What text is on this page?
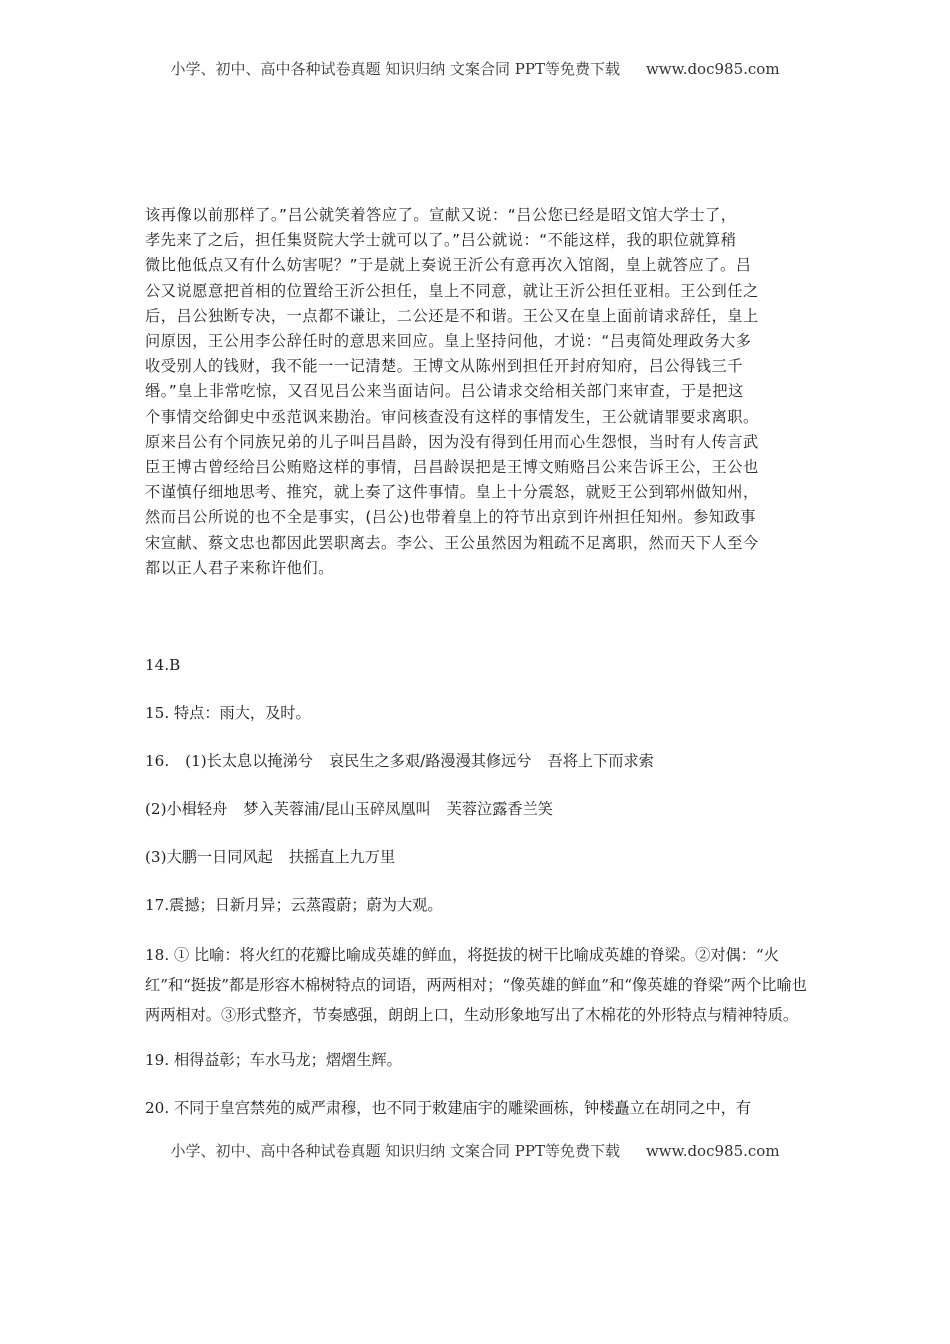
小学、初中、高中各种试卷真题 知识归纳 文案合同 PPT等免费下载 www.doc985.com

该再像以前那样了。”吕公就笑着答应了。宣献又说：“吕公您已经是昭文馆大学士了，

孝先来了之后，担任集贤院大学士就可以了。”吕公就说：“不能这样，我的职位就算稍

微比他低点又有什么妨害呢？”于是就上奏说王沂公有意再次入馆阁，皇上就答应了。吕

公又说愿意把首相的位置给王沂公担任，皇上不同意，就让王沂公担任亚相。王公到任之

后，吕公独断专决，一点都不谦让，二公还是不和谐。王公又在皇上面前请求辞任，皇上

问原因，王公用李公辞任时的意思来回应。皇上坚持问他，才说：“吕夷简处理政务大多

收受别人的钱财，我不能一一记清楚。王博文从陈州到担任开封府知府，吕公得钱三千

缗。”皇上非常吃惊，又召见吕公来当面诘问。吕公请求交给相关部门来审查，于是把这

个事情交给御史中丞范讽来勘治。审问核查没有这样的事情发生，王公就请罪要求离职。

原来吕公有个同族兄弟的儿子叫吕昌龄，因为没有得到任用而心生怨恨，当时有人传言武

臣王博古曾经给吕公贿赂这样的事情，吕昌龄误把是王博文贿赂吕公来告诉王公，王公也

不谨慎仔细地思考、推究，就上奏了这件事情。皇上十分震怒，就贬王公到郓州做知州，

然而吕公所说的也不全是事实，(吕公)也带着皇上的符节出京到许州担任知州。参知政事

宋宣献、蔡文忠也都因此罢职离去。李公、王公虽然因为粗疏不足离职，然而天下人至今

都以正人君子来称许他们。

14.B

15. 特点：雨大，及时。

16. (1)长太息以掩涕兮 哀民生之多艰/路漫漫其修远兮 吾将上下而求索

(2)小楫轻舟 梦入芙蓉浦/昆山玉碎凤凰叫 芙蓉泣露香兰笑

(3)大鹏一日同风起 扶摇直上九万里

17.震撼；日新月异；云蒸霞蔚；蔚为大观。

18. ① 比喻：将火红的花瓣比喻成英雄的鲜血，将挺拔的树干比喻成英雄的脊梁。②对偶：“火红”和“挺拔”都是形容木棉树特点的词语，两两相对；“像英雄的鲜血”和“像英雄的脊梁”两个比喻也两两相对。③形式整齐，节奏感强，朗朗上口，生动形象地写出了木棉花的外形特点与精神特质。

19. 相得益彰；车水马龙；熠熠生辉。

20. 不同于皇宫禁苑的威严肃穆，也不同于敕建庙宇的雕梁画栋，钟楼矗立在胡同之中，有

小学、初中、高中各种试卷真题 知识归纳 文案合同 PPT等免费下载 www.doc985.com
